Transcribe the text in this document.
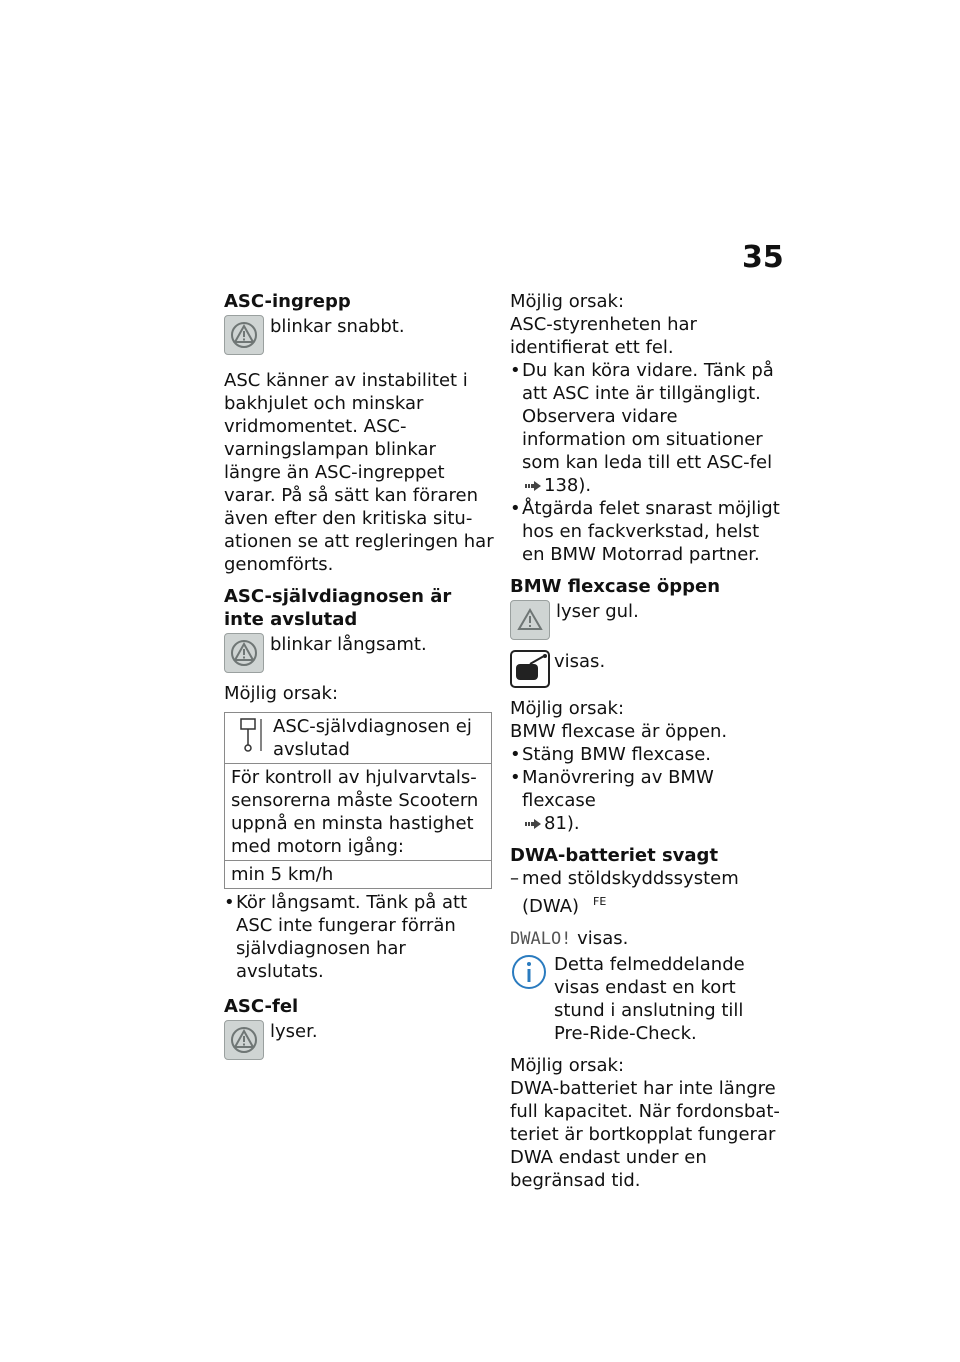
35

ASC-ingrepp

blinkar snabbt.

ASC känner av instabilitet i bakhjulet och minskar vridmomentet. ASC-varningslampan blinkar längre än ASC-ingreppet varar. På så sätt kan föraren även efter den kritiska situationen se att regleringen har genomförts.

ASC-självdiagnosen är inte avslutad

blinkar långsamt.

Möjlig orsak:

ASC-självdiagnosen ej avslutad
För kontroll av hjulvarvtalssensorerna måste Scootern uppnå en minsta hastighet med motorn igång:
min 5 km/h
• Kör långsamt. Tänk på att ASC inte fungerar förrän självdiagnosen har avslutats.

ASC-fel

lyser.

Möjlig orsak:

ASC-styrenheten har identifierat ett fel.

• Du kan köra vidare. Tänk på att ASC inte är tillgängligt. Observera vidare information om situationer som kan leda till ett ASC-fel 138).
• Åtgärda felet snarast möjligt hos en fackverkstad, helst en BMW Motorrad partner.

BMW flexcase öppen

lyser gul.
visas.

Möjlig orsak:

BMW flexcase är öppen.

• Stäng BMW flexcase.
• Manövrering av BMW flexcase
81).

DWA-batteriet svagt

– med stöldskyddssystem (DWA) $^{FE}$

DWALO! visas.

Detta felmeddelande visas endast en kort stund i anslutning till Pre-Ride-Check.

Möjlig orsak:

DWA-batteriet har inte längre full kapacitet. När fordonsbatteriet är bortkopplat fungerar DWA endast under en begränsad tid.
